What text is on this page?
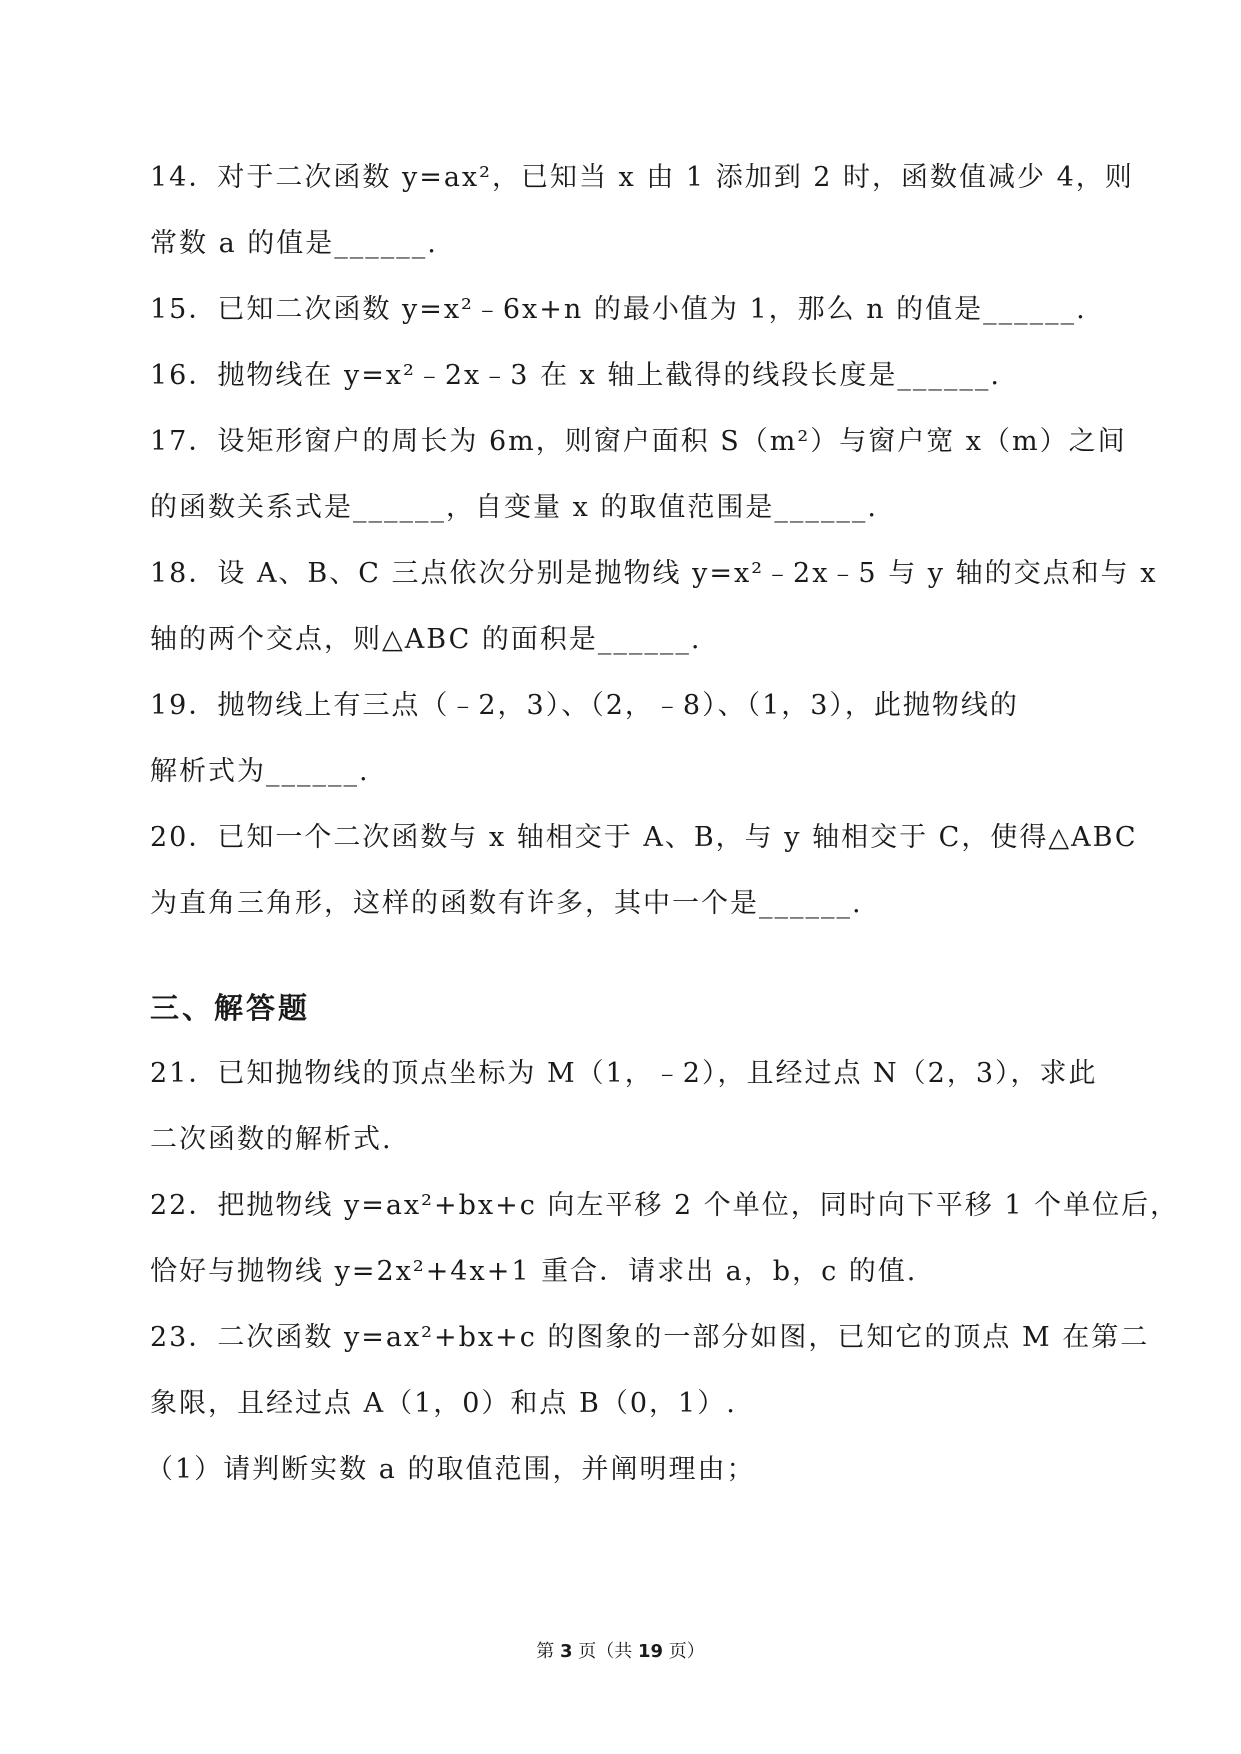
14．对于二次函数 y=ax²，已知当 x 由 1 添加到 2 时，函数值减少 4，则
常数 a 的值是______.
15．已知二次函数 y=x²﹣6x+n 的最小值为 1，那么 n 的值是______.
16．抛物线在 y=x²﹣2x﹣3 在 x 轴上截得的线段长度是______.
17．设矩形窗户的周长为 6m，则窗户面积 S（m²）与窗户宽 x（m）之间
的函数关系式是______，自变量 x 的取值范围是______.
18．设 A、B、C 三点依次分别是抛物线 y=x²﹣2x﹣5 与 y 轴的交点和与 x
轴的两个交点，则△ABC 的面积是______.
19．抛物线上有三点（﹣2，3）、（2，﹣8）、（1，3），此抛物线的
解析式为______.
20．已知一个二次函数与 x 轴相交于 A、B，与 y 轴相交于 C，使得△ABC
为直角三角形，这样的函数有许多，其中一个是______.
三、解答题
21．已知抛物线的顶点坐标为 M（1，﹣2），且经过点 N（2，3），求此
二次函数的解析式.
22．把抛物线 y=ax²+bx+c 向左平移 2 个单位，同时向下平移 1 个单位后，
恰好与抛物线 y=2x²+4x+1 重合．请求出 a，b，c 的值.
23．二次函数 y=ax²+bx+c 的图象的一部分如图，已知它的顶点 M 在第二
象限，且经过点 A（1，0）和点 B（0，1）.
（1）请判断实数 a 的取值范围，并阐明理由；
第 3 页（共 19 页）
